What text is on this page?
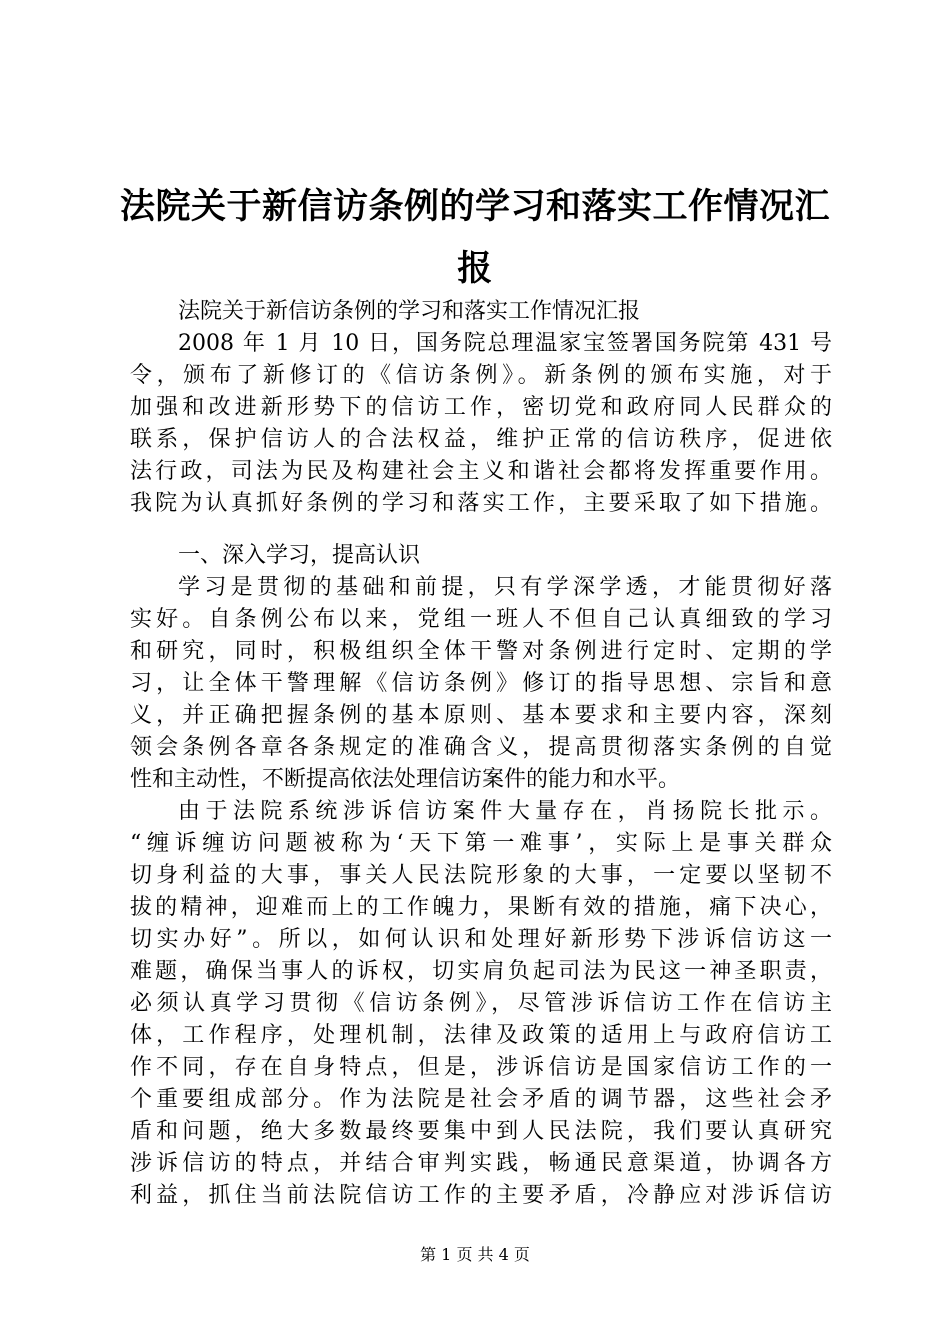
法院关于新信访条例的学习和落实工作情况汇
报
法院关于新信访条例的学习和落实工作情况汇报
2008 年 1 月 10 日，国务院总理温家宝签署国务院第 431 号
令，颁布了新修订的《信访条例》。新条例的颁布实施，对于
加强和改进新形势下的信访工作，密切党和政府同人民群众的
联系，保护信访人的合法权益，维护正常的信访秩序，促进依
法行政，司法为民及构建社会主义和谐社会都将发挥重要作用。
我院为认真抓好条例的学习和落实工作，主要采取了如下措施。
一、深入学习，提高认识
学习是贯彻的基础和前提，只有学深学透，才能贯彻好落
实好。自条例公布以来，党组一班人不但自己认真细致的学习
和研究，同时，积极组织全体干警对条例进行定时、定期的学
习，让全体干警理解《信访条例》修订的指导思想、宗旨和意
义，并正确把握条例的基本原则、基本要求和主要内容，深刻
领会条例各章各条规定的准确含义，提高贯彻落实条例的自觉
性和主动性，不断提高依法处理信访案件的能力和水平。
由于法院系统涉诉信访案件大量存在，肖扬院长批示。
“缠诉缠访问题被称为‘天下第一难事’，实际上是事关群众
切身利益的大事，事关人民法院形象的大事，一定要以坚韧不
拔的精神，迎难而上的工作魄力，果断有效的措施，痛下决心，
切实办好”。所以，如何认识和处理好新形势下涉诉信访这一
难题，确保当事人的诉权，切实肩负起司法为民这一神圣职责，
必须认真学习贯彻《信访条例》，尽管涉诉信访工作在信访主
体，工作程序，处理机制，法律及政策的适用上与政府信访工
作不同，存在自身特点，但是，涉诉信访是国家信访工作的一
个重要组成部分。作为法院是社会矛盾的调节器，这些社会矛
盾和问题，绝大多数最终要集中到人民法院，我们要认真研究
涉诉信访的特点，并结合审判实践，畅通民意渠道，协调各方
利益，抓住当前法院信访工作的主要矛盾，冷静应对涉诉信访
第 1 页 共 4 页
